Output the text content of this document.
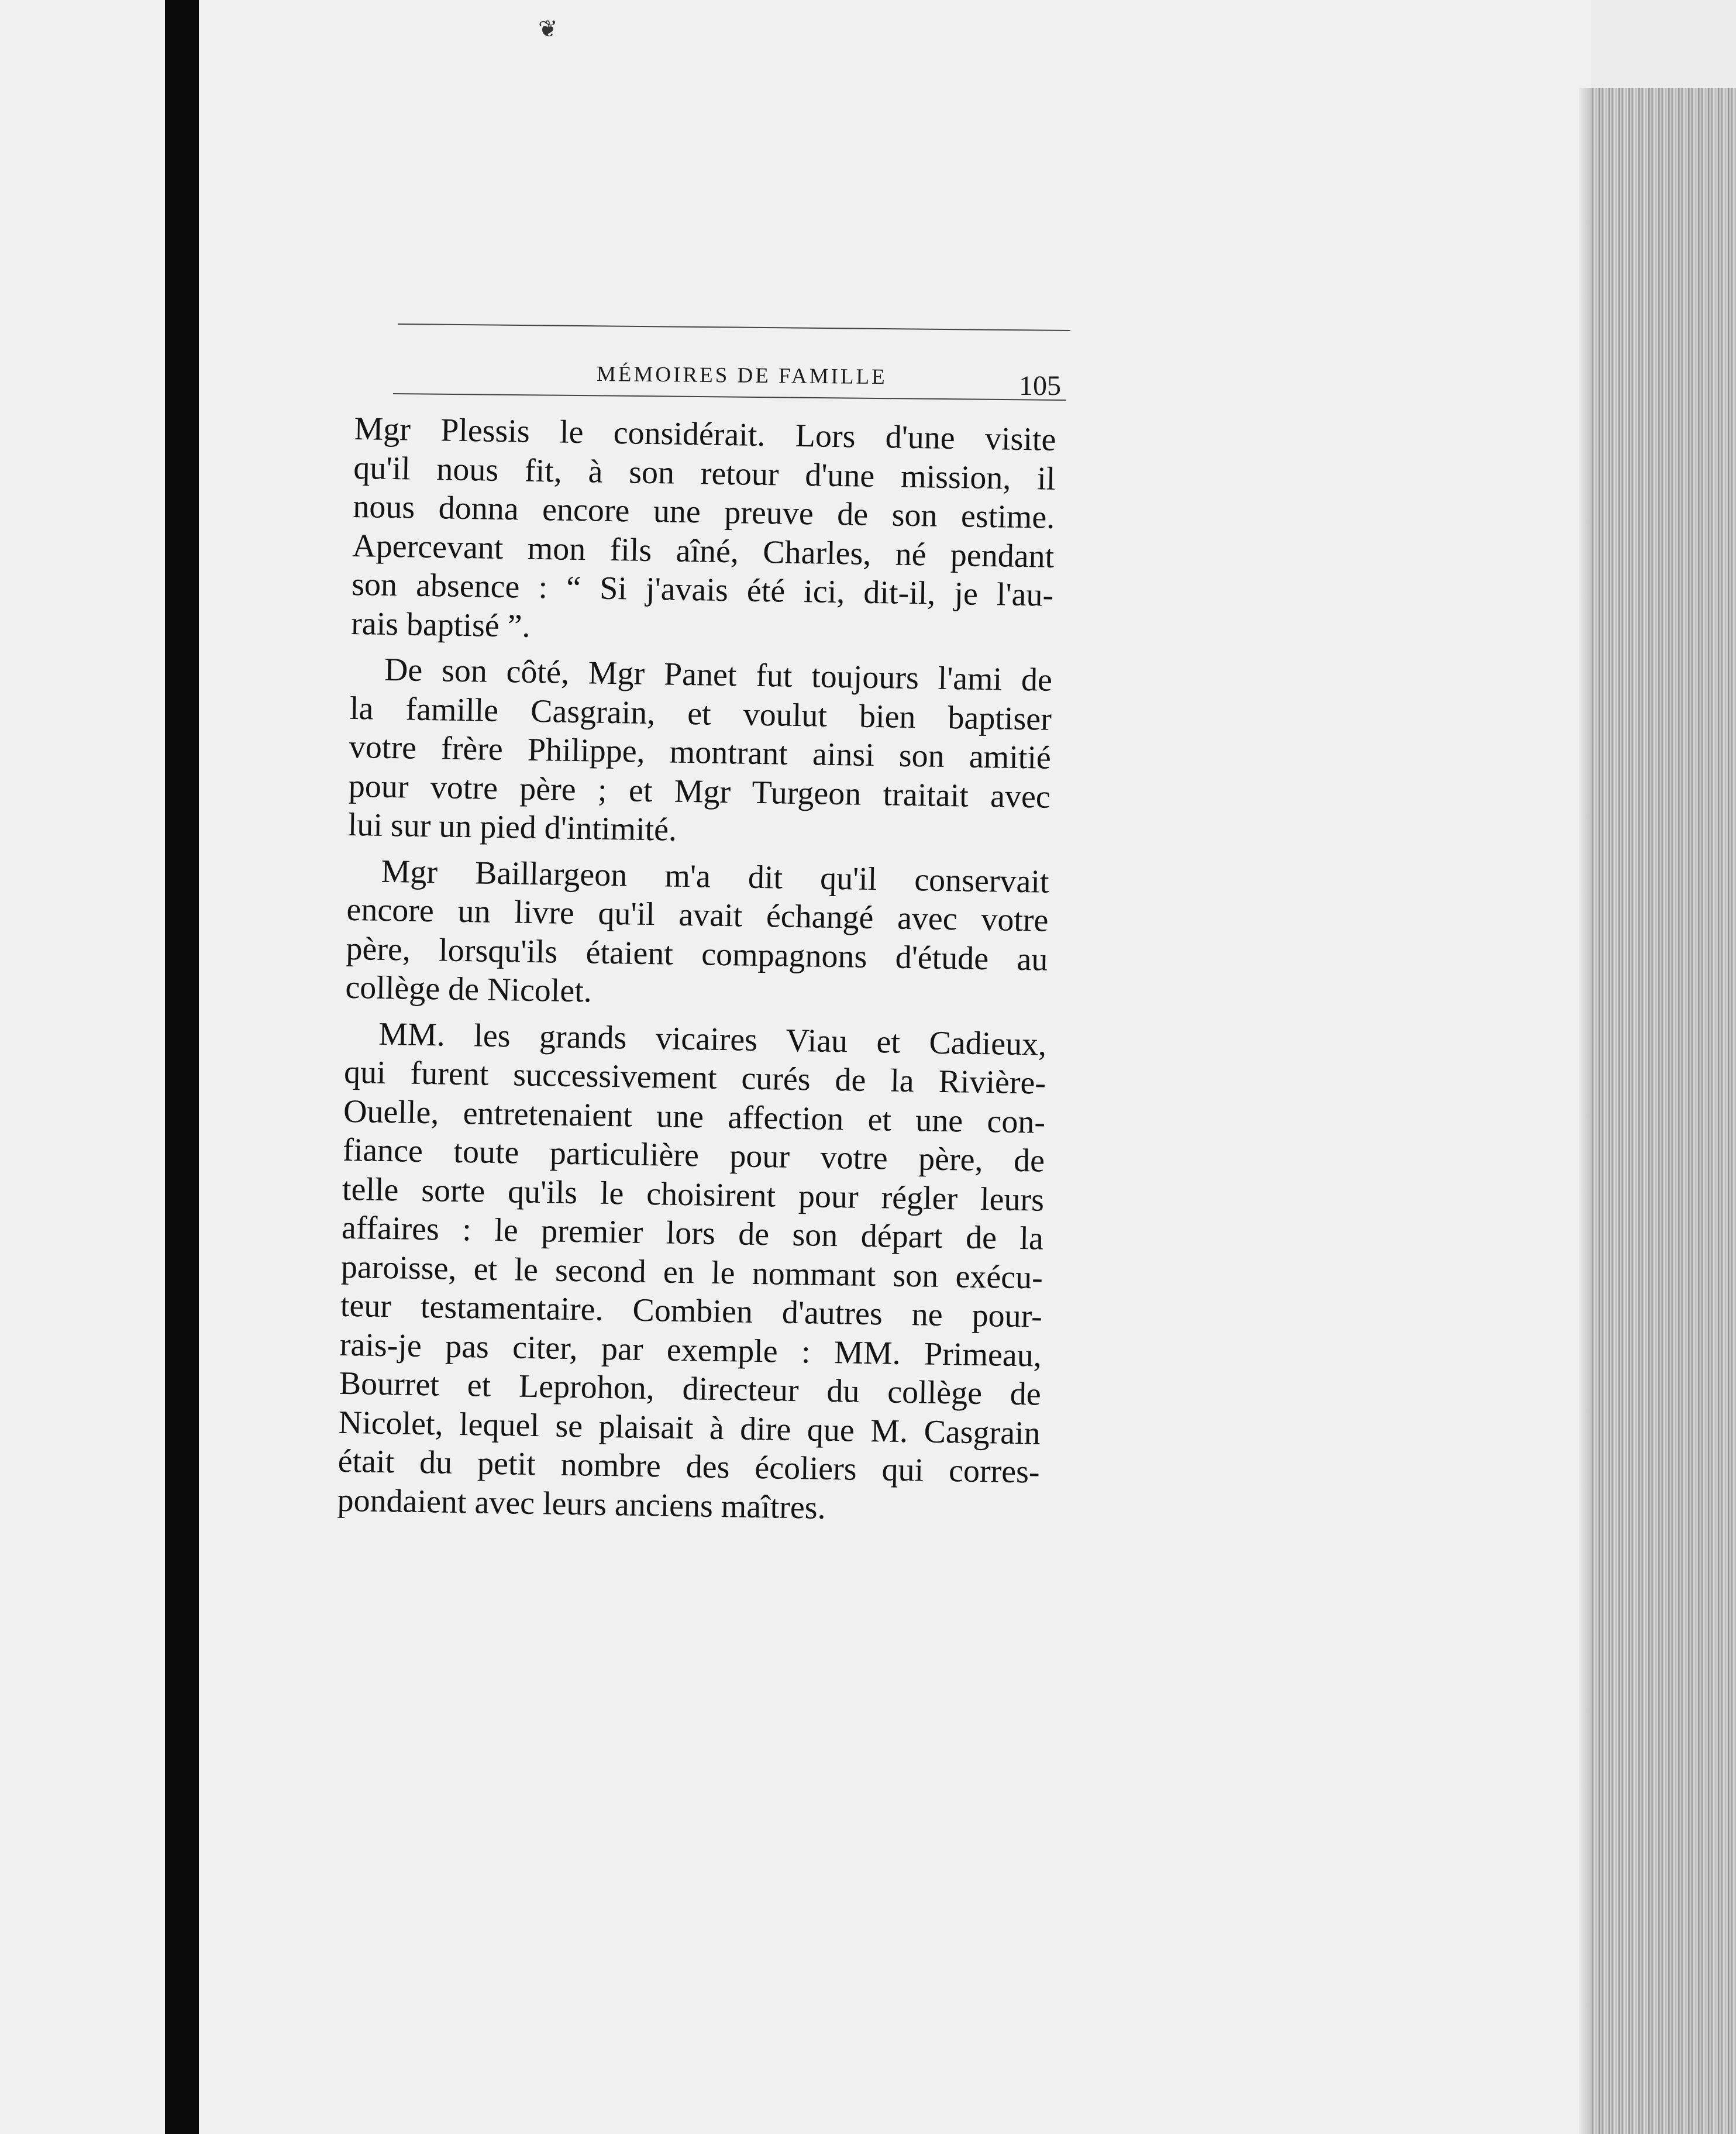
❦
MÉMOIRES DE FAMILLE	105
Mgr Plessis le considérait. Lors d'une visite
qu'il nous fit, à son retour d'une mission, il
nous donna encore une preuve de son estime.
Apercevant mon fils aîné, Charles, né pendant
son absence : “ Si j'avais été ici, dit-il, je l'au-
rais baptisé ”.
De son côté, Mgr Panet fut toujours l'ami de
la famille Casgrain, et voulut bien baptiser
votre frère Philippe, montrant ainsi son amitié
pour votre père ; et Mgr Turgeon traitait avec
lui sur un pied d'intimité.
Mgr Baillargeon m'a dit qu'il conservait
encore un livre qu'il avait échangé avec votre
père, lorsqu'ils étaient compagnons d'étude au
collège de Nicolet.
MM. les grands vicaires Viau et Cadieux,
qui furent successivement curés de la Rivière-
Ouelle, entretenaient une affection et une con-
fiance toute particulière pour votre père, de
telle sorte qu'ils le choisirent pour régler leurs
affaires : le premier lors de son départ de la
paroisse, et le second en le nommant son exécu-
teur testamentaire. Combien d'autres ne pour-
rais-je pas citer, par exemple : MM. Primeau,
Bourret et Leprohon, directeur du collège de
Nicolet, lequel se plaisait à dire que M. Casgrain
était du petit nombre des écoliers qui corres-
pondaient avec leurs anciens maîtres.
